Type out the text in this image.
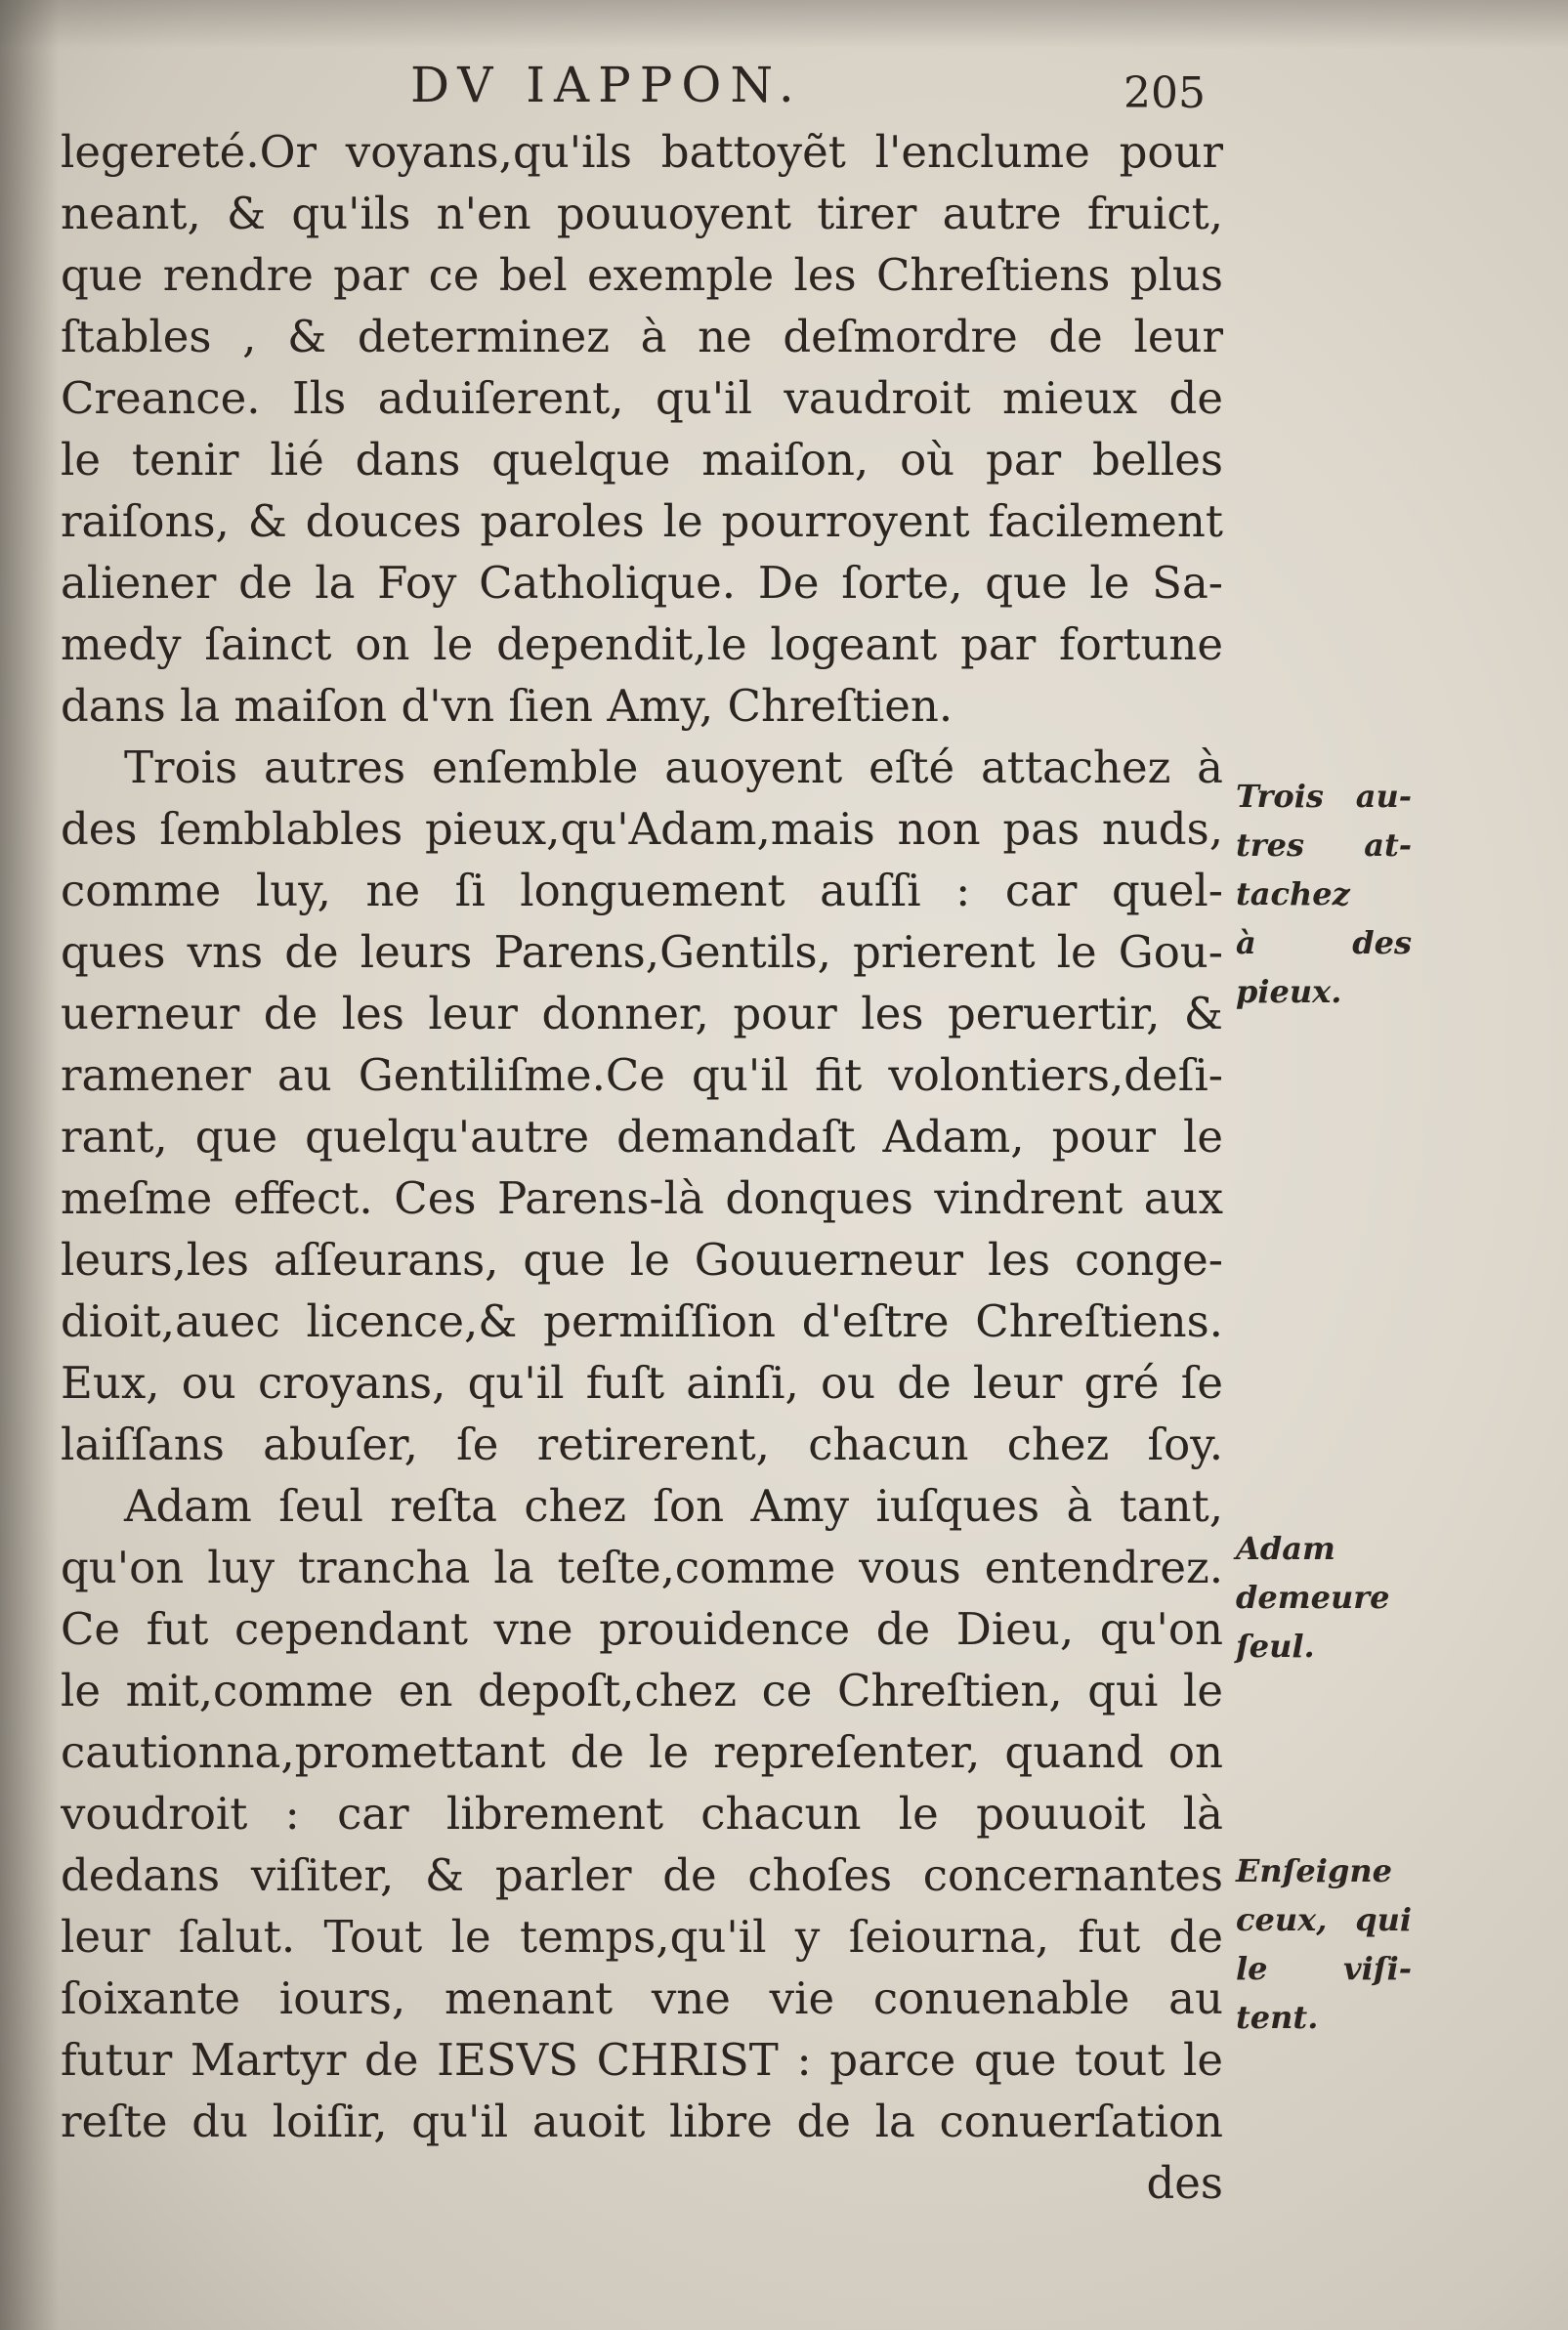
DV IAPPON.	205
legereté.Or voyans,qu'ils battoyẽt l'enclume pour
neant, & qu'ils n'en pouuoyent tirer autre fruict,
que rendre par ce bel exemple les Chreſtiens plus
ſtables , & determinez à ne deſmordre de leur
Creance. Ils aduiſerent, qu'il vaudroit mieux de
le tenir lié dans quelque maiſon, où par belles
raiſons, & douces paroles le pourroyent facilement
aliener de la Foy Catholique. De ſorte, que le Sa-
medy ſainct on le dependit,le logeant par fortune
dans la maiſon d'vn ſien Amy, Chreſtien.
Trois autres enſemble auoyent eſté attachez à
des ſemblables pieux,qu'Adam,mais non pas nuds,
comme luy, ne ſi longuement auſſi : car quel-
ques vns de leurs Parens,Gentils, prierent le Gou-
uerneur de les leur donner, pour les peruertir, &
ramener au Gentiliſme.Ce qu'il fit volontiers,deſi-
rant, que quelqu'autre demandaſt Adam, pour le
meſme effect. Ces Parens-là donques vindrent aux
leurs,les aſſeurans, que le Gouuerneur les conge-
dioit,auec licence,& permiſſion d'eſtre Chreſtiens.
Eux, ou croyans, qu'il fuſt ainſi, ou de leur gré ſe
laiſſans abuſer, ſe retirerent, chacun chez ſoy.
Adam ſeul reſta chez ſon Amy iuſques à tant,
qu'on luy trancha la teſte,comme vous entendrez.
Ce fut cependant vne prouidence de Dieu, qu'on
le mit,comme en depoſt,chez ce Chreſtien, qui le
cautionna,promettant de le repreſenter, quand on
voudroit : car librement chacun le pouuoit là
dedans viſiter, & parler de choſes concernantes
leur ſalut. Tout le temps,qu'il y ſeiourna, fut de
ſoixante iours, menant vne vie conuenable au
futur Martyr de IESVS CHRIST : parce que tout le
reſte du loiſir, qu'il auoit libre de la conuerſation
des
Trois au-
tres at-
tachez
à des
pieux.
Adam
demeure
ſeul.
Enſeigne
ceux, qui
le viſi-
tent.
